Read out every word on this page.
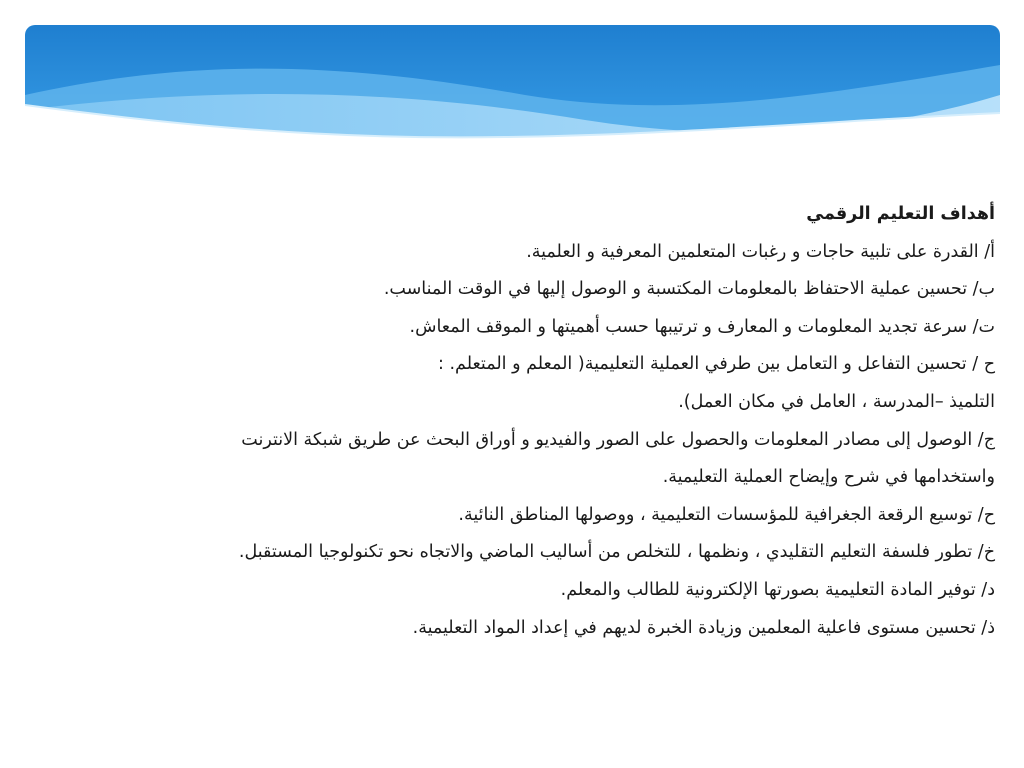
أهداف التعليم الرقمي
أ/ القدرة على تلبية حاجات و رغبات المتعلمين المعرفية و العلمية.
ب/ تحسين عملية الاحتفاظ بالمعلومات المكتسبة و الوصول إليها في الوقت المناسب.
ت/ سرعة تجديد المعلومات و المعارف و ترتيبها حسب أهميتها و الموقف المعاش.
ح / تحسين التفاعل و التعامل بين طرفي العملية التعليمية( المعلم و المتعلم. :
التلميذ –المدرسة ، العامل في مكان العمل).
ج/ الوصول إلى مصادر المعلومات والحصول على الصور والفيديو و أوراق البحث عن طريق شبكة الانترنت
واستخدامها في شرح وإيضاح العملية التعليمية.
ح/ توسيع الرقعة الجغرافية للمؤسسات التعليمية ، ووصولها المناطق النائية.
خ/ تطور فلسفة التعليم التقليدي ، ونظمها ، للتخلص من أساليب الماضي والاتجاه نحو تكنولوجيا المستقبل.
د/ توفير المادة التعليمية بصورتها الإلكترونية للطالب والمعلم.
ذ/ تحسين مستوى فاعلية المعلمين وزيادة الخبرة لديهم في إعداد المواد التعليمية.
